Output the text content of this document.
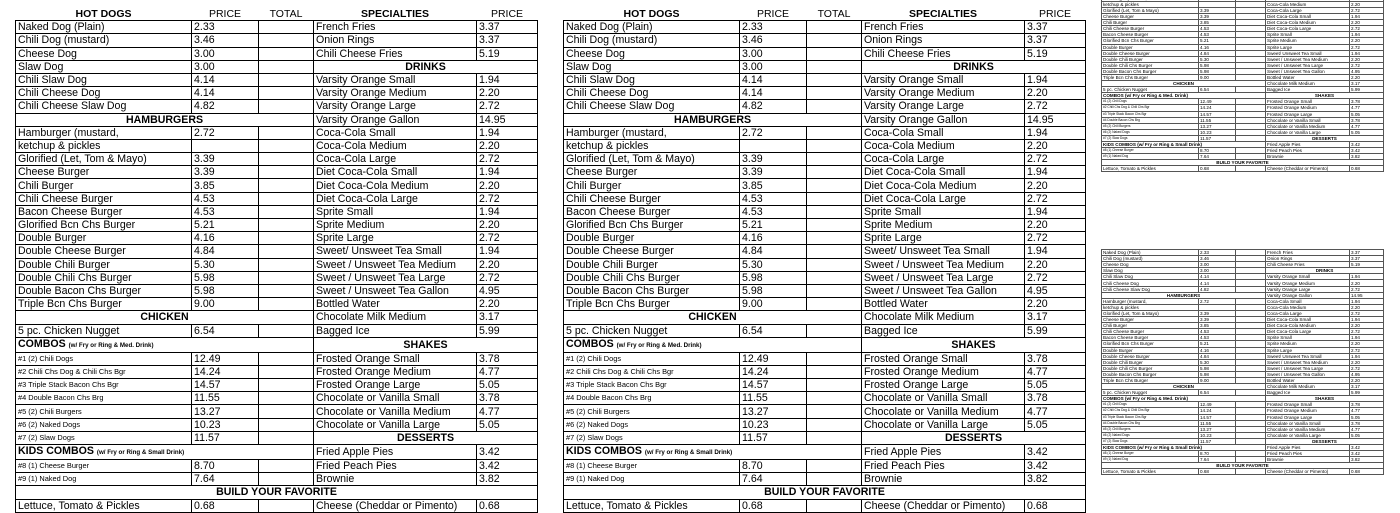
HOT DOGS	PRICE	TOTAL	SPECIALTIES	PRICE	
Naked Dog (Plain)	2.33		French Fries	3.37	
Chili Dog (mustard)	3.46		Onion Rings	3.37	
Cheese Dog	3.00		Chili Cheese Fries	5.19	
Slaw Dog	3.00		DRINKS		
Chili Slaw Dog	4.14		Varsity Orange Small	1.94	
Chili Cheese Dog	4.14		Varsity Orange Medium	2.20	
Chili Cheese Slaw Dog	4.82		Varsity Orange Large	2.72	
HAMBURGERS			Varsity Orange Gallon	14.95	
Hamburger (mustard,	2.72		Coca-Cola Small	1.94	
ketchup & pickles			Coca-Cola Medium	2.20	
Glorified (Let, Tom & Mayo)	3.39		Coca-Cola Large	2.72	
Cheese Burger	3.39		Diet Coca-Cola Small	1.94	
Chili Burger	3.85		Diet Coca-Cola Medium	2.20	
Chili Cheese Burger	4.53		Diet Coca-Cola Large	2.72	
Bacon Cheese Burger	4.53		Sprite Small	1.94	
Glorified Bcn Chs Burger	5.21		Sprite Medium	2.20	
Double Burger	4.16		Sprite Large	2.72	
Double Cheese Burger	4.84		Sweet/ Unsweet Tea Small	1.94	
Double Chili Burger	5.30		Sweet / Unsweet Tea Medium	2.20	
Double Chili Chs Burger	5.98		Sweet / Unsweet Tea Large	2.72	
Double Bacon Chs Burger	5.98		Sweet / Unsweet Tea Gallon	4.95	
Triple Bcn Chs Burger	9.00		Bottled Water	2.20	
CHICKEN			Chocolate Milk Medium	3.17	
5 pc. Chicken Nugget	6.54		Bagged Ice	5.99	
COMBOS (w/ Fry or Ring & Med. Drink)			SHAKES		
#1 (2) Chili Dogs	12.49		Frosted Orange Small	3.78	
#2 Chili Chs Dog & Chili Chs Bgr	14.24		Frosted Orange Medium	4.77	
#3 Triple Stack Bacon Chs Bgr	14.57		Frosted Orange Large	5.05	
#4 Double Bacon Chs Brg	11.55		Chocolate or Vanilla Small	3.78	
#5 (2) Chili Burgers	13.27		Chocolate or Vanilla Medium	4.77	
#6 (2) Naked Dogs	10.23		Chocolate or Vanilla Large	5.05	
#7 (2) Slaw Dogs	11.57		DESSERTS		
KIDS COMBOS (w/ Fry or Ring & Small Drink)			Fried Apple Pies	3.42	
#8 (1) Cheese Burger	8.70		Fried Peach Pies	3.42	
#9 (1) Naked Dog	7.64		Brownie	3.82	
BUILD YOUR FAVORITE					
Lettuce, Tomato & Pickles	0.68		Cheese (Cheddar or Pimento)	0.68	
HOT DOGS	PRICE	TOTAL	SPECIALTIES	PRICE	
Naked Dog (Plain)	2.33		French Fries	3.37	
Chili Dog (mustard)	3.46		Onion Rings	3.37	
Cheese Dog	3.00		Chili Cheese Fries	5.19	
Slaw Dog	3.00		DRINKS		
Chili Slaw Dog	4.14		Varsity Orange Small	1.94	
Chili Cheese Dog	4.14		Varsity Orange Medium	2.20	
Chili Cheese Slaw Dog	4.82		Varsity Orange Large	2.72	
HAMBURGERS			Varsity Orange Gallon	14.95	
Hamburger (mustard,	2.72		Coca-Cola Small	1.94	
ketchup & pickles			Coca-Cola Medium	2.20	
Glorified (Let, Tom & Mayo)	3.39		Coca-Cola Large	2.72	
Cheese Burger	3.39		Diet Coca-Cola Small	1.94	
Chili Burger	3.85		Diet Coca-Cola Medium	2.20	
Chili Cheese Burger	4.53		Diet Coca-Cola Large	2.72	
Bacon Cheese Burger	4.53		Sprite Small	1.94	
Glorified Bcn Chs Burger	5.21		Sprite Medium	2.20	
Double Burger	4.16		Sprite Large	2.72	
Double Cheese Burger	4.84		Sweet/ Unsweet Tea Small	1.94	
Double Chili Burger	5.30		Sweet / Unsweet Tea Medium	2.20	
Double Chili Chs Burger	5.98		Sweet / Unsweet Tea Large	2.72	
Double Bacon Chs Burger	5.98		Sweet / Unsweet Tea Gallon	4.95	
Triple Bcn Chs Burger	9.00		Bottled Water	2.20	
CHICKEN			Chocolate Milk Medium	3.17	
5 pc. Chicken Nugget	6.54		Bagged Ice	5.99	
COMBOS (w/ Fry or Ring & Med. Drink)			SHAKES		
#1 (2) Chili Dogs	12.49		Frosted Orange Small	3.78	
#2 Chili Chs Dog & Chili Chs Bgr	14.24		Frosted Orange Medium	4.77	
#3 Triple Stack Bacon Chs Bgr	14.57		Frosted Orange Large	5.05	
#4 Double Bacon Chs Brg	11.55		Chocolate or Vanilla Small	3.78	
#5 (2) Chili Burgers	13.27		Chocolate or Vanilla Medium	4.77	
#6 (2) Naked Dogs	10.23		Chocolate or Vanilla Large	5.05	
#7 (2) Slaw Dogs	11.57		DESSERTS		
KIDS COMBOS (w/ Fry or Ring & Small Drink)			Fried Apple Pies	3.42	
#8 (1) Cheese Burger	8.70		Fried Peach Pies	3.42	
#9 (1) Naked Dog	7.64		Brownie	3.82	
BUILD YOUR FAVORITE					
Lettuce, Tomato & Pickles	0.68		Cheese (Cheddar or Pimento)	0.68	

ketchup & pickles			Coca-Cola Medium	2.20	
Glorified (Let, Tom & Mayo)	3.39		Coca-Cola Large	2.72	
Cheese Burger	3.39		Diet Coca-Cola Small	1.94	
Chili Burger	3.85		Diet Coca-Cola Medium	2.20	
Chili Cheese Burger	4.53		Diet Coca-Cola Large	2.72	
Bacon Cheese Burger	4.53		Sprite Small	1.94	
Glorified Bcn Chs Burger	5.21		Sprite Medium	2.20	
Double Burger	4.16		Sprite Large	2.72	
Double Cheese Burger	4.84		Sweet/ Unsweet Tea Small	1.94	
Double Chili Burger	5.30		Sweet / Unsweet Tea Medium	2.20	
Double Chili Chs Burger	5.98		Sweet / Unsweet Tea Large	2.72	
Double Bacon Chs Burger	5.98		Sweet / Unsweet Tea Gallon	4.95	
Triple Bcn Chs Burger	9.00		Bottled Water	2.20	
CHICKEN			Chocolate Milk Medium	3.17	
5 pc. Chicken Nugget	6.54		Bagged Ice	5.99	
COMBOS (w/ Fry or Ring & Med. Drink)			SHAKES		
#1 (2) Chili Dogs	12.49		Frosted Orange Small	3.78	
#2 Chili Chs Dog & Chili Chs Bgr	14.24		Frosted Orange Medium	4.77	
#3 Triple Stack Bacon Chs Bgr	14.57		Frosted Orange Large	5.05	
#4 Double Bacon Chs Brg	11.55		Chocolate or Vanilla Small	3.78	
#5 (2) Chili Burgers	13.27		Chocolate or Vanilla Medium	4.77	
#6 (2) Naked Dogs	10.23		Chocolate or Vanilla Large	5.05	
#7 (2) Slaw Dogs	11.57		DESSERTS		
KIDS COMBOS (w/ Fry or Ring & Small Drink)			Fried Apple Pies	3.42	
#8 (1) Cheese Burger	8.70		Fried Peach Pies	3.42	
#9 (1) Naked Dog	7.64		Brownie	3.82	
BUILD YOUR FAVORITE					
Lettuce, Tomato & Pickles	0.68		Cheese (Cheddar or Pimento)	0.68	
Naked Dog (Plain)	2.33		French Fries	3.37	
Chili Dog (mustard)	3.46		Onion Rings	3.37	
Cheese Dog	3.00		Chili Cheese Fries	5.19	
Slaw Dog	3.00		DRINKS		
Chili Slaw Dog	4.14		Varsity Orange Small	1.94	
Chili Cheese Dog	4.14		Varsity Orange Medium	2.20	
Chili Cheese Slaw Dog	4.82		Varsity Orange Large	2.72	
HAMBURGERS			Varsity Orange Gallon	14.95	
Hamburger (mustard,	2.72		Coca-Cola Small	1.94	
ketchup & pickles			Coca-Cola Medium	2.20	
Glorified (Let, Tom & Mayo)	3.39		Coca-Cola Large	2.72	
Cheese Burger	3.39		Diet Coca-Cola Small	1.94	
Chili Burger	3.85		Diet Coca-Cola Medium	2.20	
Chili Cheese Burger	4.53		Diet Coca-Cola Large	2.72	
Bacon Cheese Burger	4.53		Sprite Small	1.94	
Glorified Bcn Chs Burger	5.21		Sprite Medium	2.20	
Double Burger	4.16		Sprite Large	2.72	
Double Cheese Burger	4.84		Sweet/ Unsweet Tea Small	1.94	
Double Chili Burger	5.30		Sweet / Unsweet Tea Medium	2.20	
Double Chili Chs Burger	5.98		Sweet / Unsweet Tea Large	2.72	
Double Bacon Chs Burger	5.98		Sweet / Unsweet Tea Gallon	4.95	
Triple Bcn Chs Burger	9.00		Bottled Water	2.20	
CHICKEN			Chocolate Milk Medium	3.17	
5 pc. Chicken Nugget	6.54		Bagged Ice	5.99	
COMBOS (w/ Fry or Ring & Med. Drink)			SHAKES		
#1 (2) Chili Dogs	12.49		Frosted Orange Small	3.78	
#2 Chili Chs Dog & Chili Chs Bgr	14.24		Frosted Orange Medium	4.77	
#3 Triple Stack Bacon Chs Bgr	14.57		Frosted Orange Large	5.05	
#4 Double Bacon Chs Brg	11.55		Chocolate or Vanilla Small	3.78	
#5 (2) Chili Burgers	13.27		Chocolate or Vanilla Medium	4.77	
#6 (2) Naked Dogs	10.23		Chocolate or Vanilla Large	5.05	
#7 (2) Slaw Dogs	11.57		DESSERTS		
KIDS COMBOS (w/ Fry or Ring & Small Drink)			Fried Apple Pies	3.42	
#8 (1) Cheese Burger	8.70		Fried Peach Pies	3.42	
#9 (1) Naked Dog	7.64		Brownie	3.82	
BUILD YOUR FAVORITE					
Lettuce, Tomato & Pickles	0.68		Cheese (Cheddar or Pimento)	0.68	
